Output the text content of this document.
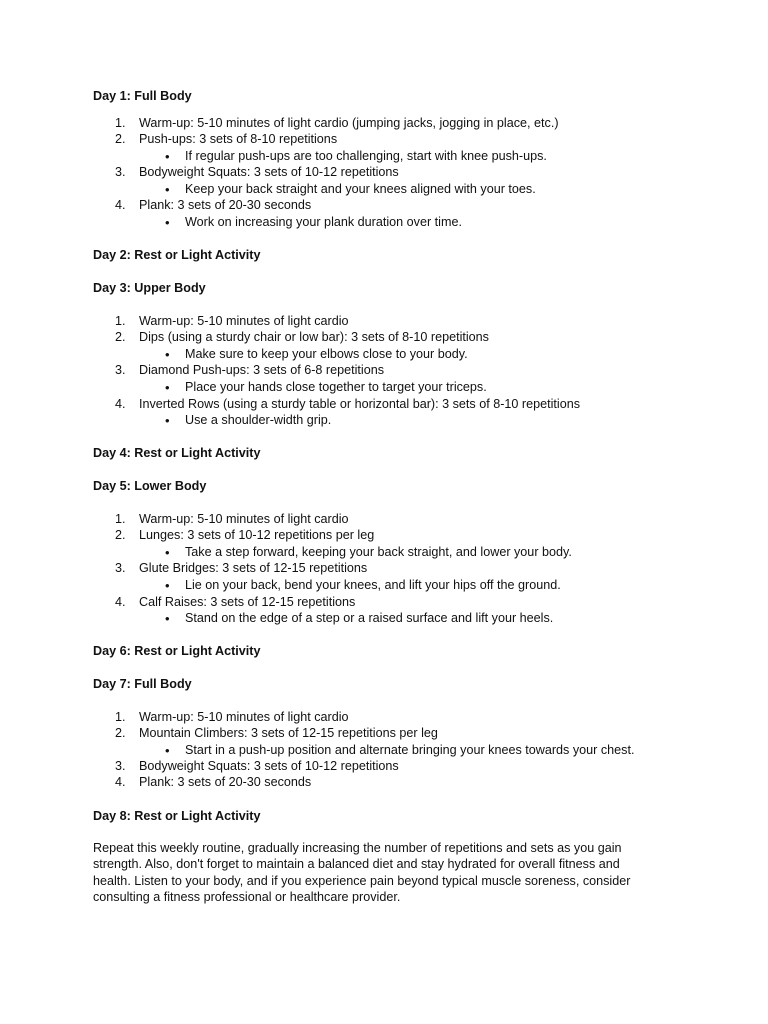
Day 1: Full Body
1. Warm-up: 5-10 minutes of light cardio (jumping jacks, jogging in place, etc.)
2. Push-ups: 3 sets of 8-10 repetitions
• If regular push-ups are too challenging, start with knee push-ups.
3. Bodyweight Squats: 3 sets of 10-12 repetitions
• Keep your back straight and your knees aligned with your toes.
4. Plank: 3 sets of 20-30 seconds
• Work on increasing your plank duration over time.
Day 2: Rest or Light Activity
Day 3: Upper Body
1. Warm-up: 5-10 minutes of light cardio
2. Dips (using a sturdy chair or low bar): 3 sets of 8-10 repetitions
• Make sure to keep your elbows close to your body.
3. Diamond Push-ups: 3 sets of 6-8 repetitions
• Place your hands close together to target your triceps.
4. Inverted Rows (using a sturdy table or horizontal bar): 3 sets of 8-10 repetitions
• Use a shoulder-width grip.
Day 4: Rest or Light Activity
Day 5: Lower Body
1. Warm-up: 5-10 minutes of light cardio
2. Lunges: 3 sets of 10-12 repetitions per leg
• Take a step forward, keeping your back straight, and lower your body.
3. Glute Bridges: 3 sets of 12-15 repetitions
• Lie on your back, bend your knees, and lift your hips off the ground.
4. Calf Raises: 3 sets of 12-15 repetitions
• Stand on the edge of a step or a raised surface and lift your heels.
Day 6: Rest or Light Activity
Day 7: Full Body
1. Warm-up: 5-10 minutes of light cardio
2. Mountain Climbers: 3 sets of 12-15 repetitions per leg
• Start in a push-up position and alternate bringing your knees towards your chest.
3. Bodyweight Squats: 3 sets of 10-12 repetitions
4. Plank: 3 sets of 20-30 seconds
Day 8: Rest or Light Activity
Repeat this weekly routine, gradually increasing the number of repetitions and sets as you gain
strength. Also, don't forget to maintain a balanced diet and stay hydrated for overall fitness and
health. Listen to your body, and if you experience pain beyond typical muscle soreness, consider
consulting a fitness professional or healthcare provider.
